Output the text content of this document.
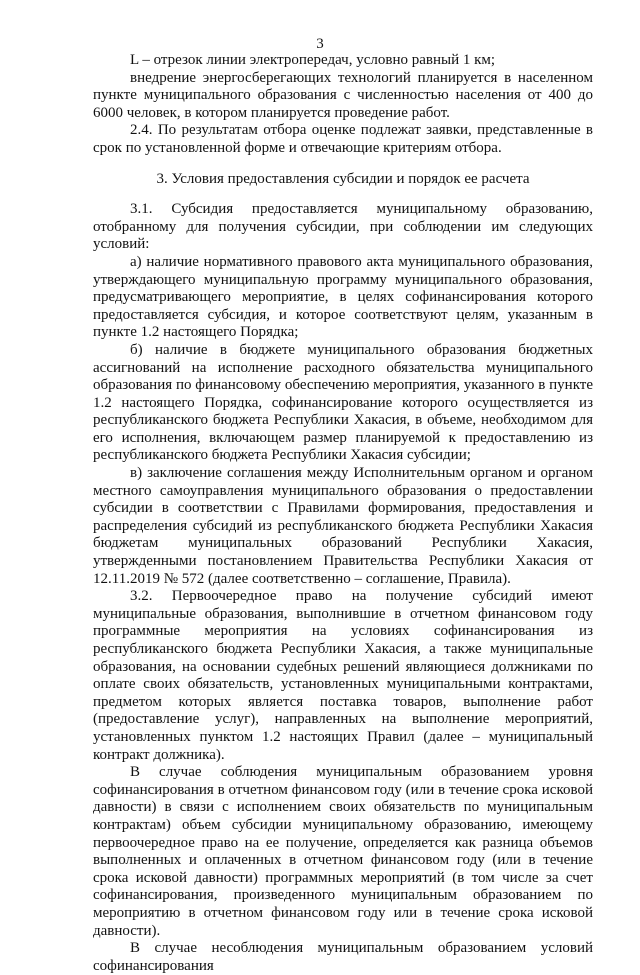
3

L – отрезок линии электропередач, условно равный 1 км;

внедрение энергосберегающих технологий планируется в населенном пункте муниципального образования с численностью населения от 400 до 6000 человек, в котором планируется проведение работ.

2.4. По результатам отбора оценке подлежат заявки, представленные в срок по установленной форме и отвечающие критериям отбора.

3. Условия предоставления субсидии и порядок ее расчета

3.1. Субсидия предоставляется муниципальному образованию, отобранному для получения субсидии, при соблюдении им следующих условий:

а) наличие нормативного правового акта муниципального образования, утверждающего муниципальную программу муниципального образования, предусматривающего мероприятие, в целях софинансирования которого предоставляется субсидия, и которое соответствуют целям, указанным в пункте 1.2 настоящего Порядка;

б) наличие в бюджете муниципального образования бюджетных ассигнований на исполнение расходного обязательства муниципального образования по финансовому обеспечению мероприятия, указанного в пункте 1.2 настоящего Порядка, софинансирование которого осуществляется из республиканского бюджета Республики Хакасия, в объеме, необходимом для его исполнения, включающем размер планируемой к предоставлению из республиканского бюджета Республики Хакасия субсидии;

в) заключение соглашения между Исполнительным органом и органом местного самоуправления муниципального образования о предоставлении субсидии в соответствии с Правилами формирования, предоставления и распределения субсидий из республиканского бюджета Республики Хакасия бюджетам муниципальных образований Республики Хакасия, утвержденными постановлением Правительства Республики Хакасия от 12.11.2019 № 572 (далее соответственно – соглашение, Правила).

3.2. Первоочередное право на получение субсидий имеют муниципальные образования, выполнившие в отчетном финансовом году программные мероприятия на условиях софинансирования из республиканского бюджета Республики Хакасия, а также муниципальные образования, на основании судебных решений являющиеся должниками по оплате своих обязательств, установленных муниципальными контрактами, предметом которых является поставка товаров, выполнение работ (предоставление услуг), направленных на выполнение мероприятий, установленных пунктом 1.2 настоящих Правил (далее – муниципальный контракт должника).

В случае соблюдения муниципальным образованием уровня софинансирования в отчетном финансовом году (или в течение срока исковой давности) в связи с исполнением своих обязательств по муниципальным контрактам) объем субсидии муниципальному образованию, имеющему первоочередное право на ее получение, определяется как разница объемов выполненных и оплаченных в отчетном финансовом году (или в течение срока исковой давности) программных мероприятий (в том числе за счет софинансирования, произведенного муниципальным образованием по мероприятию в отчетном финансовом году или в течение срока исковой давности).

В случае несоблюдения муниципальным образованием условий софинансирования
